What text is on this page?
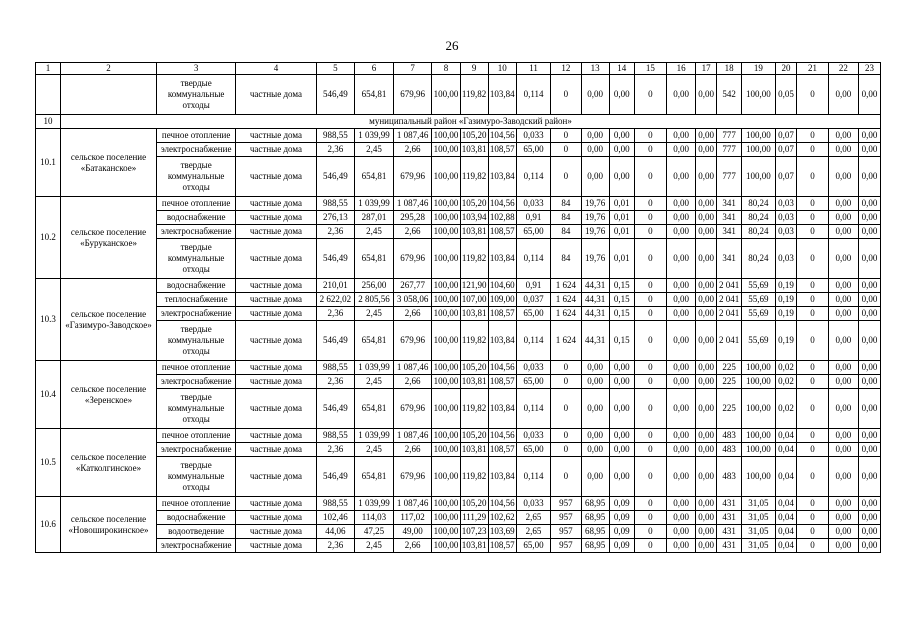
26
1	2	3	4	5	6	7	8	9	10	11	12	13	14	15	16	17	18	19	20	21	22	23
		твердые коммунальные отходы	частные дома	546,49	654,81	679,96	100,00	119,82	103,84	0,114	0	0,00	0,00	0	0,00	0,00	542	100,00	0,05	0	0,00	0,00
10	муниципальный район «Газимуро-Заводский район»																					
10.1	сельское поселение «Батаканское»	печное отопление	частные дома	988,55	1 039,99	1 087,46	100,00	105,20	104,56	0,033	0	0,00	0,00	0	0,00	0,00	777	100,00	0,07	0	0,00	0,00
		электроснабжение	частные дома	2,36	2,45	2,66	100,00	103,81	108,57	65,00	0	0,00	0,00	0	0,00	0,00	777	100,00	0,07	0	0,00	0,00
		твердые коммунальные отходы	частные дома	546,49	654,81	679,96	100,00	119,82	103,84	0,114	0	0,00	0,00	0	0,00	0,00	777	100,00	0,07	0	0,00	0,00
10.2	сельское поселение «Буруканское»	печное отопление	частные дома	988,55	1 039,99	1 087,46	100,00	105,20	104,56	0,033	84	19,76	0,01	0	0,00	0,00	341	80,24	0,03	0	0,00	0,00
		водоснабжение	частные дома	276,13	287,01	295,28	100,00	103,94	102,88	0,91	84	19,76	0,01	0	0,00	0,00	341	80,24	0,03	0	0,00	0,00
		электроснабжение	частные дома	2,36	2,45	2,66	100,00	103,81	108,57	65,00	84	19,76	0,01	0	0,00	0,00	341	80,24	0,03	0	0,00	0,00
		твердые коммунальные отходы	частные дома	546,49	654,81	679,96	100,00	119,82	103,84	0,114	84	19,76	0,01	0	0,00	0,00	341	80,24	0,03	0	0,00	0,00
10.3	сельское поселение «Газимуро-Заводское»	водоснабжение	частные дома	210,01	256,00	267,77	100,00	121,90	104,60	0,91	1 624	44,31	0,15	0	0,00	0,00	2 041	55,69	0,19	0	0,00	0,00
		теплоснабжение	частные дома	2 622,02	2 805,56	3 058,06	100,00	107,00	109,00	0,037	1 624	44,31	0,15	0	0,00	0,00	2 041	55,69	0,19	0	0,00	0,00
		электроснабжение	частные дома	2,36	2,45	2,66	100,00	103,81	108,57	65,00	1 624	44,31	0,15	0	0,00	0,00	2 041	55,69	0,19	0	0,00	0,00
		твердые коммунальные отходы	частные дома	546,49	654,81	679,96	100,00	119,82	103,84	0,114	1 624	44,31	0,15	0	0,00	0,00	2 041	55,69	0,19	0	0,00	0,00
10.4	сельское поселение «Зеренское»	печное отопление	частные дома	988,55	1 039,99	1 087,46	100,00	105,20	104,56	0,033	0	0,00	0,00	0	0,00	0,00	225	100,00	0,02	0	0,00	0,00
		электроснабжение	частные дома	2,36	2,45	2,66	100,00	103,81	108,57	65,00	0	0,00	0,00	0	0,00	0,00	225	100,00	0,02	0	0,00	0,00
		твердые коммунальные отходы	частные дома	546,49	654,81	679,96	100,00	119,82	103,84	0,114	0	0,00	0,00	0	0,00	0,00	225	100,00	0,02	0	0,00	0,00
10.5	сельское поселение «Катколгинское»	печное отопление	частные дома	988,55	1 039,99	1 087,46	100,00	105,20	104,56	0,033	0	0,00	0,00	0	0,00	0,00	483	100,00	0,04	0	0,00	0,00
		электроснабжение	частные дома	2,36	2,45	2,66	100,00	103,81	108,57	65,00	0	0,00	0,00	0	0,00	0,00	483	100,00	0,04	0	0,00	0,00
		твердые коммунальные отходы	частные дома	546,49	654,81	679,96	100,00	119,82	103,84	0,114	0	0,00	0,00	0	0,00	0,00	483	100,00	0,04	0	0,00	0,00
10.6	сельское поселение «Новоширокинское»	печное отопление	частные дома	988,55	1 039,99	1 087,46	100,00	105,20	104,56	0,033	957	68,95	0,09	0	0,00	0,00	431	31,05	0,04	0	0,00	0,00
		водоснабжение	частные дома	102,46	114,03	117,02	100,00	111,29	102,62	2,65	957	68,95	0,09	0	0,00	0,00	431	31,05	0,04	0	0,00	0,00
		водоотведение	частные дома	44,06	47,25	49,00	100,00	107,23	103,69	2,65	957	68,95	0,09	0	0,00	0,00	431	31,05	0,04	0	0,00	0,00
		электроснабжение	частные дома	2,36	2,45	2,66	100,00	103,81	108,57	65,00	957	68,95	0,09	0	0,00	0,00	431	31,05	0,04	0	0,00	0,00
